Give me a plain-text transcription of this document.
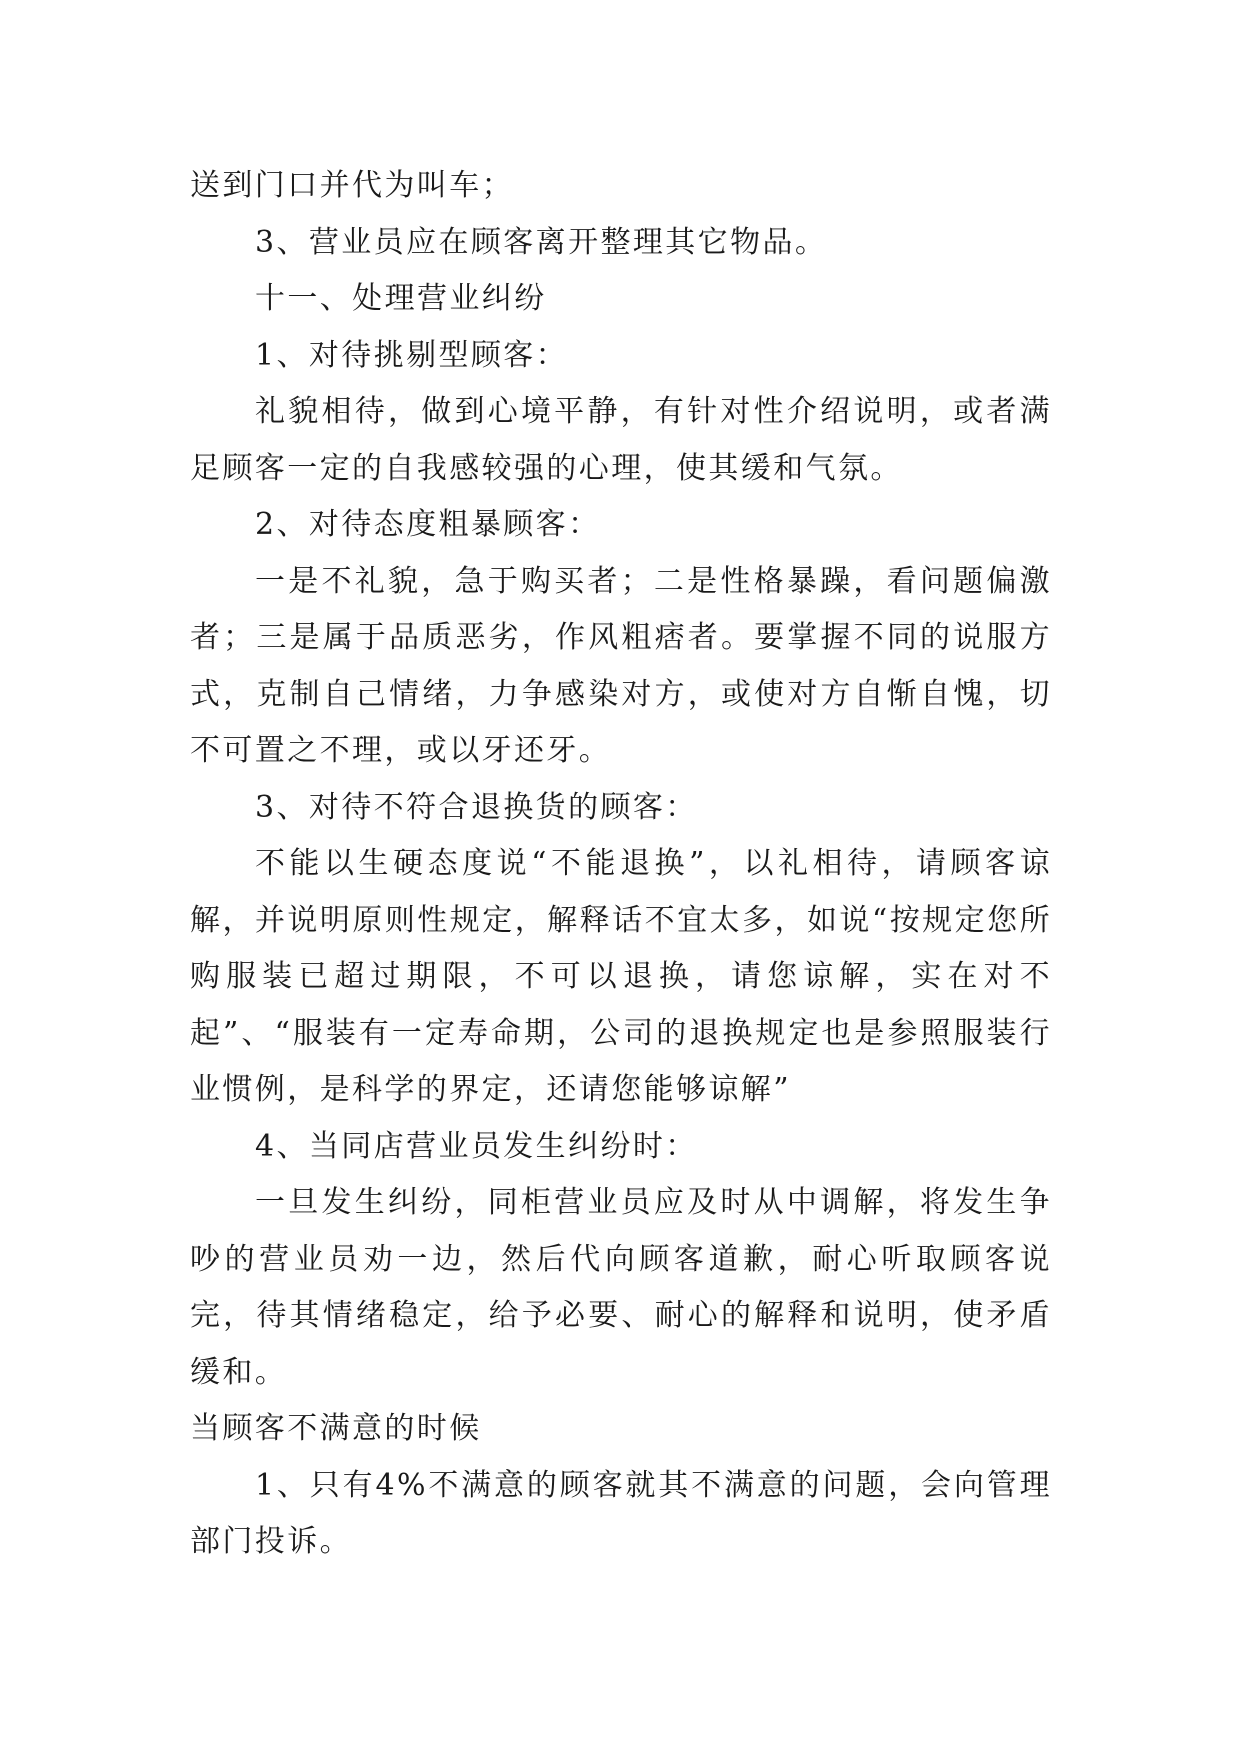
送到门口并代为叫车；

3、营业员应在顾客离开整理其它物品。

十一、处理营业纠纷

1、对待挑剔型顾客：

礼貌相待，做到心境平静，有针对性介绍说明，或者满足顾客一定的自我感较强的心理，使其缓和气氛。

2、对待态度粗暴顾客：

一是不礼貌，急于购买者；二是性格暴躁，看问题偏激者；三是属于品质恶劣，作风粗痞者。要掌握不同的说服方式，克制自己情绪，力争感染对方，或使对方自惭自愧，切不可置之不理，或以牙还牙。

3、对待不符合退换货的顾客：

不能以生硬态度说“不能退换”，以礼相待，请顾客谅解，并说明原则性规定，解释话不宜太多，如说“按规定您所购服装已超过期限，不可以退换，请您谅解，实在对不起”、“服装有一定寿命期，公司的退换规定也是参照服装行业惯例，是科学的界定，还请您能够谅解”

4、当同店营业员发生纠纷时：

一旦发生纠纷，同柜营业员应及时从中调解，将发生争吵的营业员劝一边，然后代向顾客道歉，耐心听取顾客说完，待其情绪稳定，给予必要、耐心的解释和说明，使矛盾缓和。

当顾客不满意的时候

1、只有4%不满意的顾客就其不满意的问题，会向管理部门投诉。
